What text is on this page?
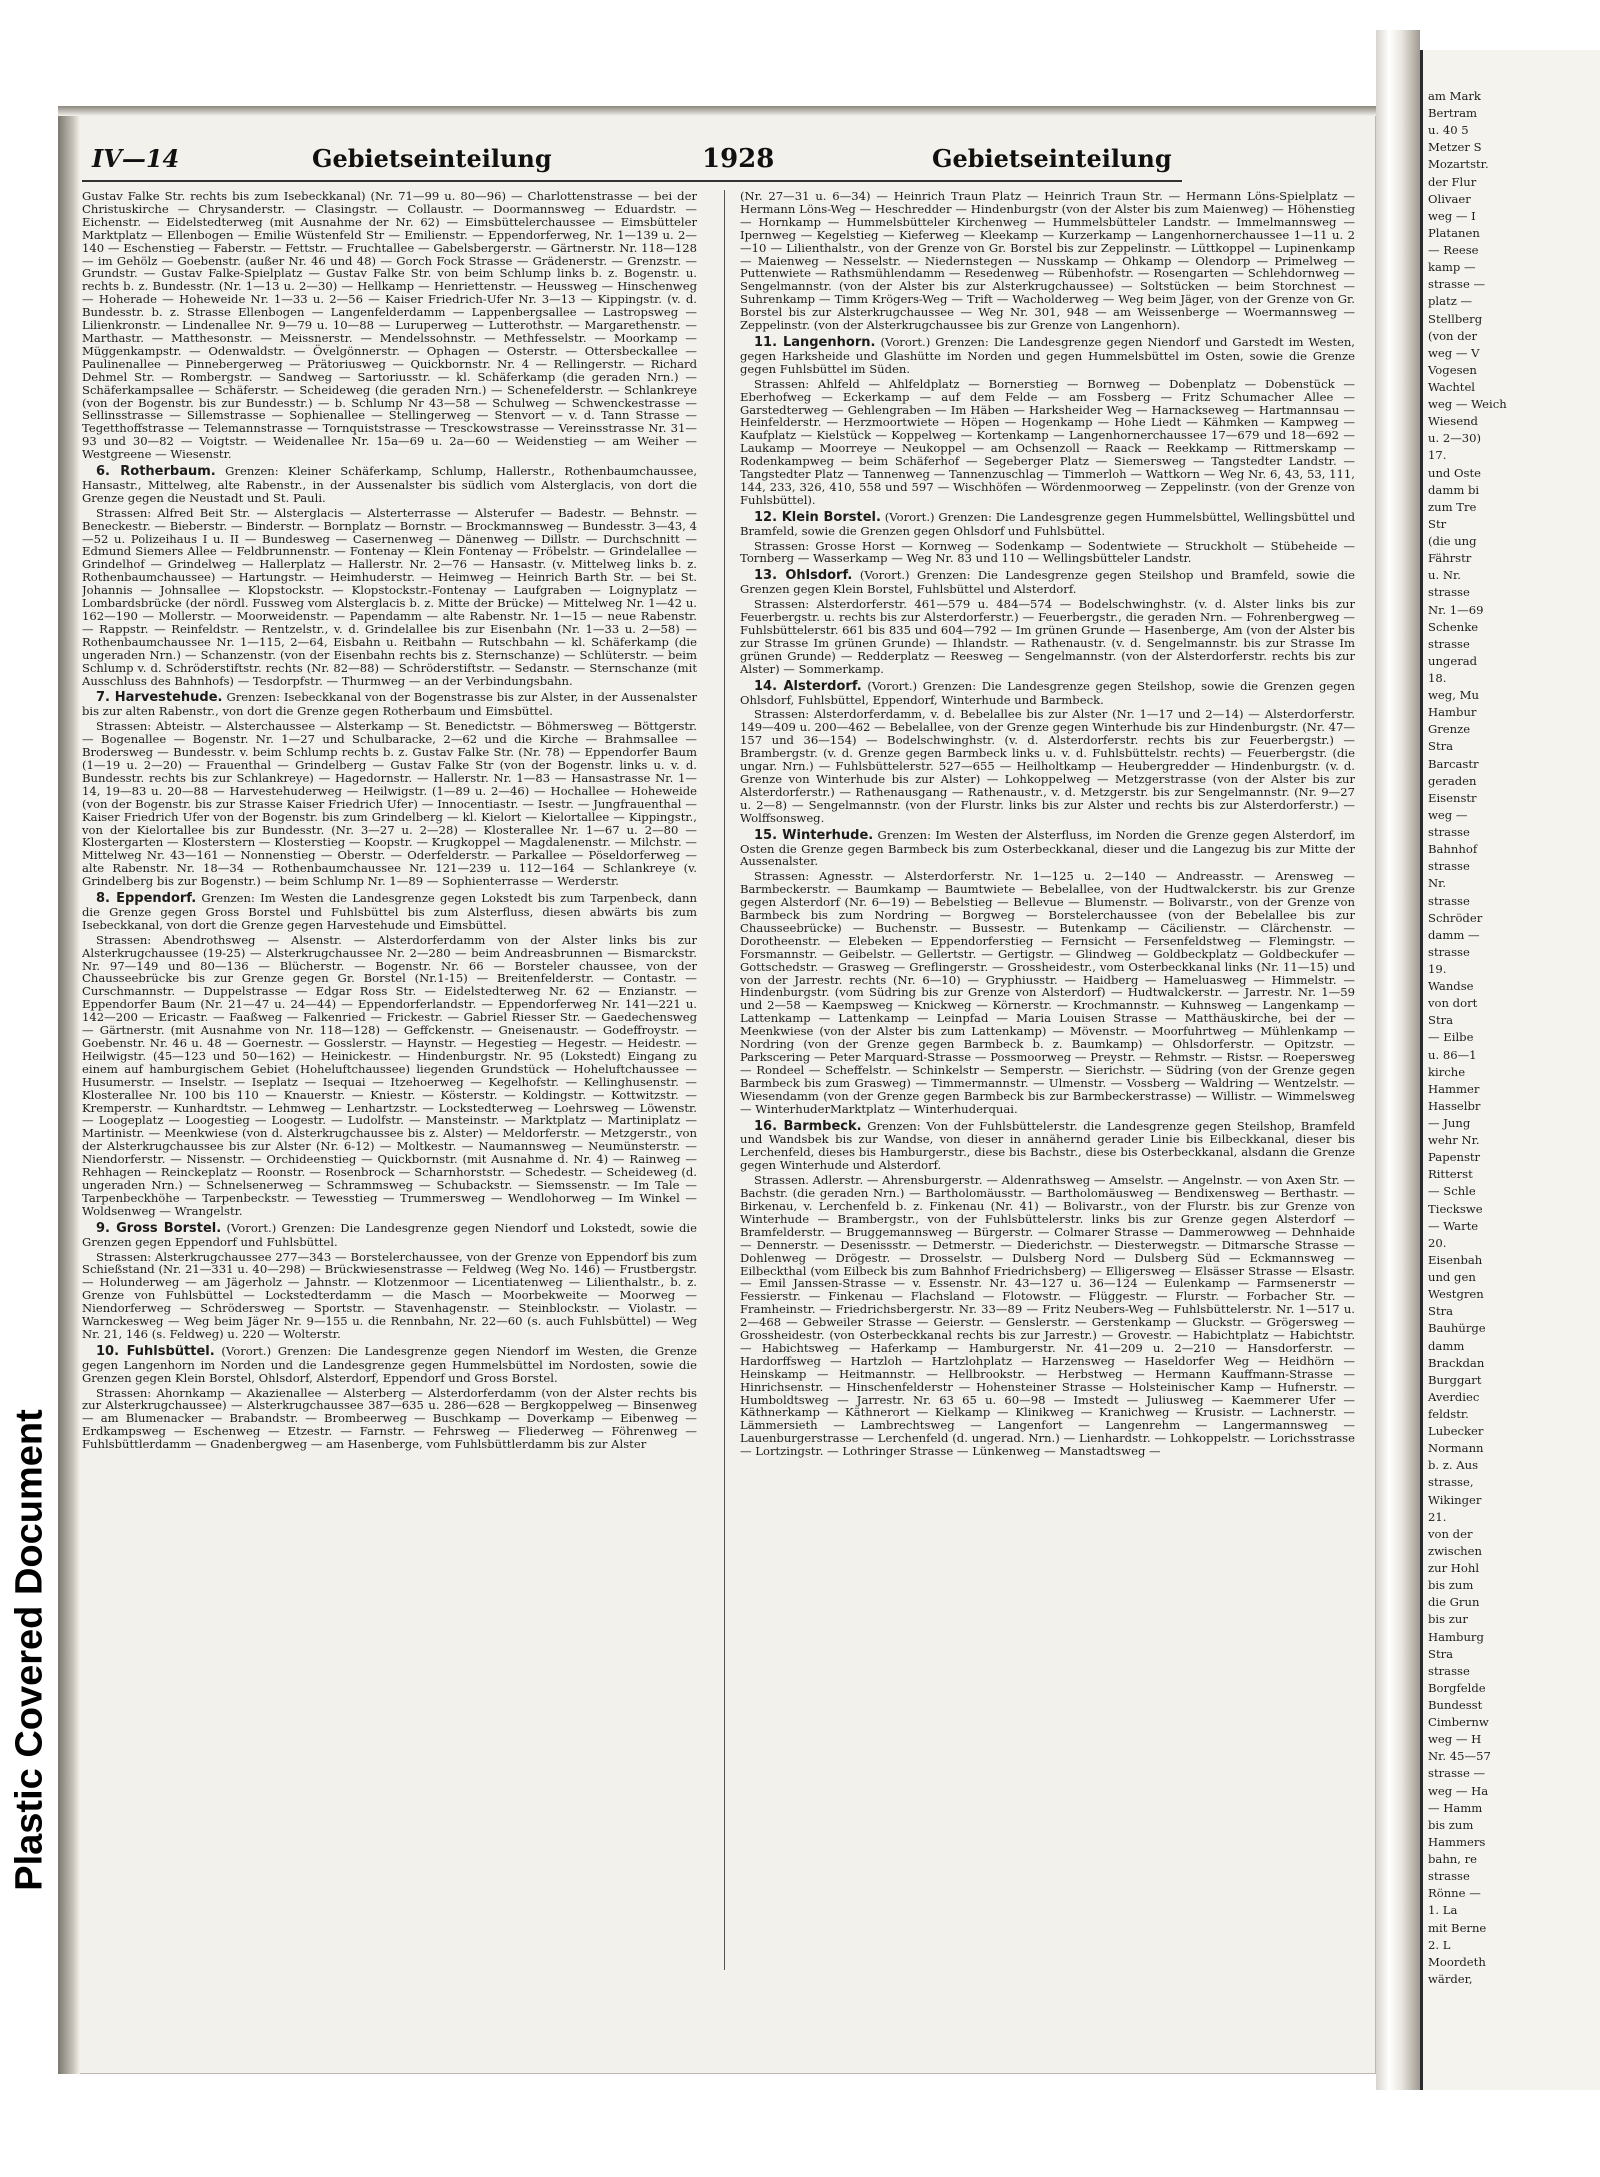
Plastic Covered Document
IV—14	Gebietseinteilung	1928	Gebietseinteilung

Gustav Falke Str. rechts bis zum Isebeckkanal) (Nr. 71—99 u. 80—96) — Charlottenstrasse — bei der Christuskirche — Chrysanderstr. — Clasingstr. — Collaustr. — Doormannsweg — Eduardstr. — Eichenstr. — Eidelstedterweg (mit Ausnahme der Nr. 62) — Eimsbüttelerchaussee — Eimsbütteler Marktplatz — Ellenbogen — Emilie Wüstenfeld Str — Emilienstr. — Eppendorferweg, Nr. 1—139 u. 2—140 — Eschenstieg — Faberstr. — Fettstr. — Fruchtallee — Gabelsbergerstr. — Gärtnerstr. Nr. 118—128 — im Gehölz — Goebenstr. (außer Nr. 46 und 48) — Gorch Fock Strasse — Grädenerstr. — Grenzstr. — Grundstr. — Gustav Falke-Spielplatz — Gustav Falke Str. von beim Schlump links b. z. Bogenstr. u. rechts b. z. Bundesstr. (Nr. 1—13 u. 2—30) — Hellkamp — Henriettenstr. — Heussweg — Hinschenweg — Hoherade — Hoheweide Nr. 1—33 u. 2—56 — Kaiser Friedrich-Ufer Nr. 3—13 — Kippingstr. (v. d. Bundesstr. b. z. Strasse Ellenbogen — Langenfelderdamm — Lappenbergsallee — Lastropsweg — Lilienkronstr. — Lindenallee Nr. 9—79 u. 10—88 — Luruperweg — Lutterothstr. — Margarethenstr. — Marthastr. — Matthesonstr. — Meissnerstr. — Mendelssohnstr. — Methfesselstr. — Moorkamp — Müggenkampstr. — Odenwaldstr. — Övelgönnerstr. — Ophagen — Osterstr. — Ottersbeckallee — Paulinenallee — Pinnebergerweg — Prätoriusweg — Quickbornstr. Nr. 4 — Rellingerstr. — Richard Dehmel Str. — Rombergstr. — Sandweg — Sartoriusstr. — kl. Schäferkamp (die geraden Nrn.) — Schäferkampsallee — Schäferstr. — Scheideweg (die geraden Nrn.) — Schenefelderstr. — Schlankreye (von der Bogenstr. bis zur Bundesstr.) — b. Schlump Nr 43—58 — Schulweg — Schwenckestrasse — Sellinsstrasse — Sillemstrasse — Sophienallee — Stellingerweg — Stenvort — v. d. Tann Strasse — Tegetthoffstrasse — Telemannstrasse — Tornquiststrasse — Tresckowstrasse — Vereinsstrasse Nr. 31—93 und 30—82 — Voigtstr. — Weidenallee Nr. 15a—69 u. 2a—60 — Weidenstieg — am Weiher — Westgreene — Wiesenstr.

6. Rotherbaum. Grenzen: Kleiner Schäferkamp, Schlump, Hallerstr., Rothenbaumchaussee, Hansastr., Mittelweg, alte Rabenstr., in der Aussenalster bis südlich vom Alsterglacis, von dort die Grenze gegen die Neustadt und St. Pauli.

Strassen: Alfred Beit Str. — Alsterglacis — Alsterterrasse — Alsterufer — Badestr. — Behnstr. — Beneckestr. — Bieberstr. — Binderstr. — Bornplatz — Bornstr. — Brockmannsweg — Bundesstr. 3—43, 4—52 u. Polizeihaus I u. II — Bundesweg — Casernenweg — Dänenweg — Dillstr. — Durchschnitt — Edmund Siemers Allee — Feldbrunnenstr. — Fontenay — Klein Fontenay — Fröbelstr. — Grindelallee — Grindelhof — Grindelweg — Hallerplatz — Hallerstr. Nr. 2—76 — Hansastr. (v. Mittelweg links b. z. Rothenbaumchaussee) — Hartungstr. — Heimhuderstr. — Heimweg — Heinrich Barth Str. — bei St. Johannis — Johnsallee — Klopstockstr. — Klopstockstr.-Fontenay — Laufgraben — Loignyplatz — Lombardsbrücke (der nördl. Fussweg vom Alsterglacis b. z. Mitte der Brücke) — Mittelweg Nr. 1—42 u. 162—190 — Mollerstr. — Moorweidenstr. — Papendamm — alte Rabenstr. Nr. 1—15 — neue Rabenstr. — Rappstr. — Reinfeldstr. — Rentzelstr., v. d. Grindelallee bis zur Eisenbahn (Nr. 1—33 u. 2—58) — Rothenbaumchaussee Nr. 1—115, 2—64, Eisbahn u. Reitbahn — Rutschbahn — kl. Schäferkamp (die ungeraden Nrn.) — Schanzenstr. (von der Eisenbahn rechts bis z. Sternschanze) — Schlüterstr. — beim Schlump v. d. Schröderstiftstr. rechts (Nr. 82—88) — Schröderstiftstr. — Sedanstr. — Sternschanze (mit Ausschluss des Bahnhofs) — Tesdorpfstr. — Thurmweg — an der Verbindungsbahn.

7. Harvestehude. Grenzen: Isebeckkanal von der Bogenstrasse bis zur Alster, in der Aussenalster bis zur alten Rabenstr., von dort die Grenze gegen Rotherbaum und Eimsbüttel.

Strassen: Abteistr. — Alsterchaussee — Alsterkamp — St. Benedictstr. — Böhmersweg — Böttgerstr. — Bogenallee — Bogenstr. Nr. 1—27 und Schulbaracke, 2—62 und die Kirche — Brahmsallee — Brodersweg — Bundesstr. v. beim Schlump rechts b. z. Gustav Falke Str. (Nr. 78) — Eppendorfer Baum (1—19 u. 2—20) — Frauenthal — Grindelberg — Gustav Falke Str (von der Bogenstr. links u. v. d. Bundesstr. rechts bis zur Schlankreye) — Hagedornstr. — Hallerstr. Nr. 1—83 — Hansastrasse Nr. 1—14, 19—83 u. 20—88 — Harvestehuderweg — Heilwigstr. (1—89 u. 2—46) — Hochallee — Hoheweide (von der Bogenstr. bis zur Strasse Kaiser Friedrich Ufer) — Innocentiastr. — Isestr. — Jungfrauenthal — Kaiser Friedrich Ufer von der Bogenstr. bis zum Grindelberg — kl. Kielort — Kielortallee — Kippingstr., von der Kielortallee bis zur Bundesstr. (Nr. 3—27 u. 2—28) — Klosterallee Nr. 1—67 u. 2—80 — Klostergarten — Klosterstern — Klosterstieg — Koopstr. — Krugkoppel — Magdalenenstr. — Milchstr. — Mittelweg Nr. 43—161 — Nonnenstieg — Oberstr. — Oderfelderstr. — Parkallee — Pöseldorferweg — alte Rabenstr. Nr. 18—34 — Rothenbaumchaussee Nr. 121—239 u. 112—164 — Schlankreye (v. Grindelberg bis zur Bogenstr.) — beim Schlump Nr. 1—89 — Sophienterrasse — Werderstr.

8. Eppendorf. Grenzen: Im Westen die Landesgrenze gegen Lokstedt bis zum Tarpenbeck, dann die Grenze gegen Gross Borstel und Fuhlsbüttel bis zum Alsterfluss, diesen abwärts bis zum Isebeckkanal, von dort die Grenze gegen Harvestehude und Eimsbüttel.

Strassen: Abendrothsweg — Alsenstr. — Alsterdorferdamm von der Alster links bis zur Alsterkrugchaussee (19-25) — Alsterkrugchaussee Nr. 2—280 — beim Andreasbrunnen — Bismarckstr. Nr. 97—149 und 80—136 — Blücherstr. — Bogenstr. Nr. 66 — Borsteler chaussee, von der Chausseebrücke bis zur Grenze gegen Gr. Borstel (Nr.1-15) — Breitenfelderstr. — Contastr. — Curschmannstr. — Duppelstrasse — Edgar Ross Str. — Eidelstedterweg Nr. 62 — Enzianstr. — Eppendorfer Baum (Nr. 21—47 u. 24—44) — Eppendorferlandstr. — Eppendorferweg Nr. 141—221 u. 142—200 — Ericastr. — Faaßweg — Falkenried — Frickestr. — Gabriel Riesser Str. — Gaedechensweg — Gärtnerstr. (mit Ausnahme von Nr. 118—128) — Geffckenstr. — Gneisenaustr. — Godeffroystr. — Goebenstr. Nr. 46 u. 48 — Goernestr. — Gosslerstr. — Haynstr. — Hegestieg — Hegestr. — Heidestr. — Heilwigstr. (45—123 und 50—162) — Heinickestr. — Hindenburgstr. Nr. 95 (Lokstedt) Eingang zu einem auf hamburgischem Gebiet (Hoheluftchaussee) liegenden Grundstück — Hoheluftchaussee — Husumerstr. — Inselstr. — Iseplatz — Isequai — Itzehoerweg — Kegelhofstr. — Kellinghusenstr. — Klosterallee Nr. 100 bis 110 — Knauerstr. — Kniestr. — Kösterstr. — Koldingstr. — Kottwitzstr. — Kremperstr. — Kunhardtstr. — Lehmweg — Lenhartzstr. — Lockstedterweg — Loehrsweg — Löwenstr. — Loogeplatz — Loogestieg — Loogestr. — Ludolfstr. — Mansteinstr. — Marktplatz — Martiniplatz — Martinistr. — Meenkwiese (von d. Alsterkrugchaussee bis z. Alster) — Meldorferstr. — Metzgerstr., von der Alsterkrugchaussee bis zur Alster (Nr. 6-12) — Moltkestr. — Naumannsweg — Neumünsterstr. — Niendorferstr. — Nissenstr. — Orchideenstieg — Quickbornstr. (mit Ausnahme d. Nr. 4) — Rainweg — Rehhagen — Reinckeplatz — Roonstr. — Rosenbrock — Scharnhorststr. — Schedestr. — Scheideweg (d. ungeraden Nrn.) — Schnelsenerweg — Schrammsweg — Schubackstr. — Siemssenstr. — Im Tale — Tarpenbeckhöhe — Tarpenbeckstr. — Tewesstieg — Trummersweg — Wendlohorweg — Im Winkel — Woldsenweg — Wrangelstr.

9. Gross Borstel. (Vorort.) Grenzen: Die Landesgrenze gegen Niendorf und Lokstedt, sowie die Grenzen gegen Eppendorf und Fuhlsbüttel.

Strassen: Alsterkrugchaussee 277—343 — Borstelerchaussee, von der Grenze von Eppendorf bis zum Schießstand (Nr. 21—331 u. 40—298) — Brückwiesenstrasse — Feldweg (Weg No. 146) — Frustbergstr. — Holunderweg — am Jägerholz — Jahnstr. — Klotzenmoor — Licentiatenweg — Lilienthalstr., b. z. Grenze von Fuhlsbüttel — Lockstedterdamm — die Masch — Moorbekweite — Moorweg — Niendorferweg — Schrödersweg — Sportstr. — Stavenhagenstr. — Steinblockstr. — Violastr. — Warnckesweg — Weg beim Jäger Nr. 9—155 u. die Rennbahn, Nr. 22—60 (s. auch Fuhlsbüttel) — Weg Nr. 21, 146 (s. Feldweg) u. 220 — Wolterstr.

10. Fuhlsbüttel. (Vorort.) Grenzen: Die Landesgrenze gegen Niendorf im Westen, die Grenze gegen Langenhorn im Norden und die Landesgrenze gegen Hummelsbüttel im Nordosten, sowie die Grenzen gegen Klein Borstel, Ohlsdorf, Alsterdorf, Eppendorf und Gross Borstel.

Strassen: Ahornkamp — Akazienallee — Alsterberg — Alsterdorferdamm (von der Alster rechts bis zur Alsterkrugchaussee) — Alsterkrugchaussee 387—635 u. 286—628 — Bergkoppelweg — Binsenweg — am Blumenacker — Brabandstr. — Brombeerweg — Buschkamp — Doverkamp — Eibenweg — Erdkampsweg — Eschenweg — Etzestr. — Farnstr. — Fehrsweg — Fliederweg — Föhrenweg — Fuhlsbüttlerdamm — Gnadenbergweg — am Hasenberge, vom Fuhlsbüttlerdamm bis zur Alster

(Nr. 27—31 u. 6—34) — Heinrich Traun Platz — Heinrich Traun Str. — Hermann Löns-Spielplatz — Hermann Löns-Weg — Heschredder — Hindenburgstr (von der Alster bis zum Maienweg) — Höhenstieg — Hornkamp — Hummelsbütteler Kirchenweg — Hummelsbütteler Landstr. — Immelmannsweg — Ipernweg — Kegelstieg — Kieferweg — Kleekamp — Kurzerkamp — Langenhornerchaussee 1—11 u. 2—10 — Lilienthalstr., von der Grenze von Gr. Borstel bis zur Zeppelinstr. — Lüttkoppel — Lupinenkamp — Maienweg — Nesselstr. — Niedernstegen — Nusskamp — Ohkamp — Olendorp — Primelweg — Puttenwiete — Rathsmühlendamm — Resedenweg — Rübenhofstr. — Rosengarten — Schlehdornweg — Sengelmannstr. (von der Alster bis zur Alsterkrugchaussee) — Soltstücken — beim Storchnest — Suhrenkamp — Timm Krögers-Weg — Trift — Wacholderweg — Weg beim Jäger, von der Grenze von Gr. Borstel bis zur Alsterkrugchaussee — Weg Nr. 301, 948 — am Weissenberge — Woermannsweg — Zeppelinstr. (von der Alsterkrugchaussee bis zur Grenze von Langenhorn).

11. Langenhorn. (Vorort.) Grenzen: Die Landesgrenze gegen Niendorf und Garstedt im Westen, gegen Harksheide und Glashütte im Norden und gegen Hummelsbüttel im Osten, sowie die Grenze gegen Fuhlsbüttel im Süden.

Strassen: Ahlfeld — Ahlfeldplatz — Bornerstieg — Bornweg — Dobenplatz — Dobenstück — Eberhofweg — Eckerkamp — auf dem Felde — am Fossberg — Fritz Schumacher Allee — Garstedterweg — Gehlengraben — Im Häben — Harksheider Weg — Harnackseweg — Hartmannsau — Heinfelderstr. — Herzmoortwiete — Höpen — Hogenkamp — Hohe Liedt — Kähmken — Kampweg — Kaufplatz — Kielstück — Koppelweg — Kortenkamp — Langenhornerchaussee 17—679 und 18—692 — Laukamp — Moorreye — Neukoppel — am Ochsenzoll — Raack — Reekkamp — Rittmerskamp — Rodenkampweg — beim Schäferhof — Segeberger Platz — Siemersweg — Tangstedter Landstr. — Tangstedter Platz — Tannenweg — Tannenzuschlag — Timmerloh — Wattkorn — Weg Nr. 6, 43, 53, 111, 144, 233, 326, 410, 558 und 597 — Wischhöfen — Wördenmoorweg — Zeppelinstr. (von der Grenze von Fuhlsbüttel).

12. Klein Borstel. (Vorort.) Grenzen: Die Landesgrenze gegen Hummelsbüttel, Wellingsbüttel und Bramfeld, sowie die Grenzen gegen Ohlsdorf und Fuhlsbüttel.

Strassen: Grosse Horst — Kornweg — Sodenkamp — Sodentwiete — Struckholt — Stübeheide — Tornberg — Wasserkamp — Weg Nr. 83 und 110 — Wellingsbütteler Landstr.

13. Ohlsdorf. (Vorort.) Grenzen: Die Landesgrenze gegen Steilshop und Bramfeld, sowie die Grenzen gegen Klein Borstel, Fuhlsbüttel und Alsterdorf.

Strassen: Alsterdorferstr. 461—579 u. 484—574 — Bodelschwinghstr. (v. d. Alster links bis zur Feuerbergstr. u. rechts bis zur Alsterdorferstr.) — Feuerbergstr., die geraden Nrn. — Fohrenbergweg — Fuhlsbüttelerstr. 661 bis 835 und 604—792 — Im grünen Grunde — Hasenberge, Am (von der Alster bis zur Strasse Im grünen Grunde) — Ihlandstr. — Rathenaustr. (v. d. Sengelmannstr. bis zur Strasse Im grünen Grunde) — Redderplatz — Reesweg — Sengelmannstr. (von der Alsterdorferstr. rechts bis zur Alster) — Sommerkamp.

14. Alsterdorf. (Vorort.) Grenzen: Die Landesgrenze gegen Steilshop, sowie die Grenzen gegen Ohlsdorf, Fuhlsbüttel, Eppendorf, Winterhude und Barmbeck.

Strassen: Alsterdorferdamm, v. d. Bebelallee bis zur Alster (Nr. 1—17 und 2—14) — Alsterdorferstr. 149—409 u. 200—462 — Bebelallee, von der Grenze gegen Winterhude bis zur Hindenburgstr. (Nr. 47—157 und 36—154) — Bodelschwinghstr. (v. d. Alsterdorferstr. rechts bis zur Feuerbergstr.) — Brambergstr. (v. d. Grenze gegen Barmbeck links u. v. d. Fuhlsbüttelstr. rechts) — Feuerbergstr. (die ungar. Nrn.) — Fuhlsbüttelerstr. 527—655 — Heilholtkamp — Heubergredder — Hindenburgstr. (v. d. Grenze von Winterhude bis zur Alster) — Lohkoppelweg — Metzgerstrasse (von der Alster bis zur Alsterdorferstr.) — Rathenausgang — Rathenaustr., v. d. Metzgerstr. bis zur Sengelmannstr. (Nr. 9—27 u. 2—8) — Sengelmannstr. (von der Flurstr. links bis zur Alster und rechts bis zur Alsterdorferstr.) — Wolffsonsweg.

15. Winterhude. Grenzen: Im Westen der Alsterfluss, im Norden die Grenze gegen Alsterdorf, im Osten die Grenze gegen Barmbeck bis zum Osterbeckkanal, dieser und die Langezug bis zur Mitte der Aussenalster.

Strassen: Agnesstr. — Alsterdorferstr. Nr. 1—125 u. 2—140 — Andreasstr. — Arensweg — Barmbeckerstr. — Baumkamp — Baumtwiete — Bebelallee, von der Hudtwalckerstr. bis zur Grenze gegen Alsterdorf (Nr. 6—19) — Bebelstieg — Bellevue — Blumenstr. — Bolivarstr., von der Grenze von Barmbeck bis zum Nordring — Borgweg — Borstelerchaussee (von der Bebelallee bis zur Chausseebrücke) — Buchenstr. — Bussestr. — Butenkamp — Cäcilienstr. — Clärchenstr. — Dorotheenstr. — Elebeken — Eppendorferstieg — Fernsicht — Fersenfeldstweg — Flemingstr. — Forsmannstr. — Geibelstr. — Gellertstr. — Gertigstr. — Glindweg — Goldbeckplatz — Goldbeckufer — Gottschedstr. — Grasweg — Greflingerstr. — Grossheidestr., vom Osterbeckkanal links (Nr. 11—15) und von der Jarrestr. rechts (Nr. 6—10) — Gryphiusstr. — Haidberg — Hameluasweg — Himmelstr. — Hindenburgstr. (vom Südring bis zur Grenze von Alsterdorf) — Hudtwalckerstr. — Jarrestr. Nr. 1—59 und 2—58 — Kaempsweg — Knickweg — Körnerstr. — Krochmannstr. — Kuhnsweg — Langenkamp — Lattenkamp — Lattenkamp — Leinpfad — Maria Louisen Strasse — Matthäuskirche, bei der — Meenkwiese (von der Alster bis zum Lattenkamp) — Mövenstr. — Moorfuhrtweg — Mühlenkamp — Nordring (von der Grenze gegen Barmbeck b. z. Baumkamp) — Ohlsdorferstr. — Opitzstr. — Parkscering — Peter Marquard-Strasse — Possmoorweg — Preystr. — Rehmstr. — Ristsr. — Roepersweg — Rondeel — Scheffelstr. — Schinkelstr — Semperstr. — Sierichstr. — Südring (von der Grenze gegen Barmbeck bis zum Grasweg) — Timmermannstr. — Ulmenstr. — Vossberg — Waldring — Wentzelstr. — Wiesendamm (von der Grenze gegen Barmbeck bis zur Barmbeckerstrasse) — Willistr. — Wimmelsweg — WinterhuderMarktplatz — Winterhuderquai.

16. Barmbeck. Grenzen: Von der Fuhlsbüttelerstr. die Landesgrenze gegen Steilshop, Bramfeld und Wandsbek bis zur Wandse, von dieser in annähernd gerader Linie bis Eilbeckkanal, dieser bis Lerchenfeld, dieses bis Hamburgerstr., diese bis Bachstr., diese bis Osterbeckkanal, alsdann die Grenze gegen Winterhude und Alsterdorf.

Strassen. Adlerstr. — Ahrensburgerstr. — Aldenrathsweg — Amselstr. — Angelnstr. — von Axen Str. — Bachstr. (die geraden Nrn.) — Bartholomäusstr. — Bartholomäusweg — Bendixensweg — Berthastr. — Birkenau, v. Lerchenfeld b. z. Finkenau (Nr. 41) — Bolivarstr., von der Flurstr. bis zur Grenze von Winterhude — Brambergstr., von der Fuhlsbüttelerstr. links bis zur Grenze gegen Alsterdorf — Bramfelderstr. — Bruggemannsweg — Bürgerstr. — Colmarer Strasse — Dammerowweg — Dehnhaide — Dennerstr. — Desenissstr. — Detmerstr. — Diederichstr. — Diesterwegstr. — Ditmarsche Strasse — Dohlenweg — Drögestr. — Drosselstr. — Dulsberg Nord — Dulsberg Süd — Eckmannsweg — Eilbeckthal (vom Eilbeck bis zum Bahnhof Friedrichsberg) — Elligersweg — Elsässer Strasse — Elsastr. — Emil Janssen-Strasse — v. Essenstr. Nr. 43—127 u. 36—124 — Eulenkamp — Farmsenerstr — Fessierstr. — Finkenau — Flachsland — Flotowstr. — Flüggestr. — Flurstr. — Forbacher Str. — Framheinstr. — Friedrichsbergerstr. Nr. 33—89 — Fritz Neubers-Weg — Fuhlsbüttelerstr. Nr. 1—517 u. 2—468 — Gebweiler Strasse — Geierstr. — Genslerstr. — Gerstenkamp — Gluckstr. — Grögersweg — Grossheidestr. (von Osterbeckkanal rechts bis zur Jarrestr.) — Grovestr. — Habichtplatz — Habichtstr. — Habichtsweg — Haferkamp — Hamburgerstr. Nr. 41—209 u. 2—210 — Hansdorferstr. — Hardorffsweg — Hartzloh — Hartzlohplatz — Harzensweg — Haseldorfer Weg — Heidhörn — Heinskamp — Heitmannstr. — Hellbrookstr. — Herbstweg — Hermann Kauffmann-Strasse — Hinrichsenstr. — Hinschenfelderstr — Hohensteiner Strasse — Holsteinischer Kamp — Hufnerstr. — Humboldtsweg — Jarrestr. Nr. 63 65 u. 60—98 — Imstedt — Juliusweg — Kaemmerer Ufer — Käthnerkamp — Käthnerort — Kielkamp — Klinikweg — Kranichweg — Krusistr. — Lachnerstr. — Lämmersieth — Lambrechtsweg — Langenfort — Langenrehm — Langermannsweg — Lauenburgerstrasse — Lerchenfeld (d. ungerad. Nrn.) — Lienhardstr. — Lohkoppelstr. — Lorichsstrasse — Lortzingstr. — Lothringer Strasse — Lünkenweg — Manstadtsweg —

am Mark
Bertram
u. 40 5
Metzer S
Mozartstr.
der Flur
Olivaer
weg — I
Platanen
— Reese
kamp —
strasse —
platz —
Stellberg
(von der
weg — V
Vogesen
Wachtel
weg — Weich
Wiesend
u. 2—30)
17.
und Oste
damm bi
zum Tre
Str
(die ung
Fährstr
u. Nr.
strasse
Nr. 1—69
Schenke
strasse
ungerad
18.
weg, Mu
Hambur
Grenze
Stra
Barcastr
geraden
Eisenstr
weg —
strasse
Bahnhof
strasse
Nr.
strasse
Schröder
damm —
strasse
19.
Wandse
von dort
Stra
— Eilbe
u. 86—1
kirche
Hammer
Hasselbr
— Jung
wehr Nr.
Papenstr
Ritterst
— Schle
Tieckswe
— Warte
20.
Eisenbah
und gen
Westgren
Stra
Bauhürge
damm
Brackdan
Burggart
Averdiec
feldstr.
Lubecker
Normann
b. z. Aus
strasse,
Wikinger
21.
von der
zwischen
zur Hohl
bis zum
die Grun
bis zur
Hamburg
Stra
strasse
Borgfelde
Bundesst
Cimbernw
weg — H
Nr. 45—57
strasse —
weg — Ha
— Hamm
bis zum
Hammers
bahn, re
strasse
Rönne —
1. La
mit Berne
2. L
Moordeth
wärder,
